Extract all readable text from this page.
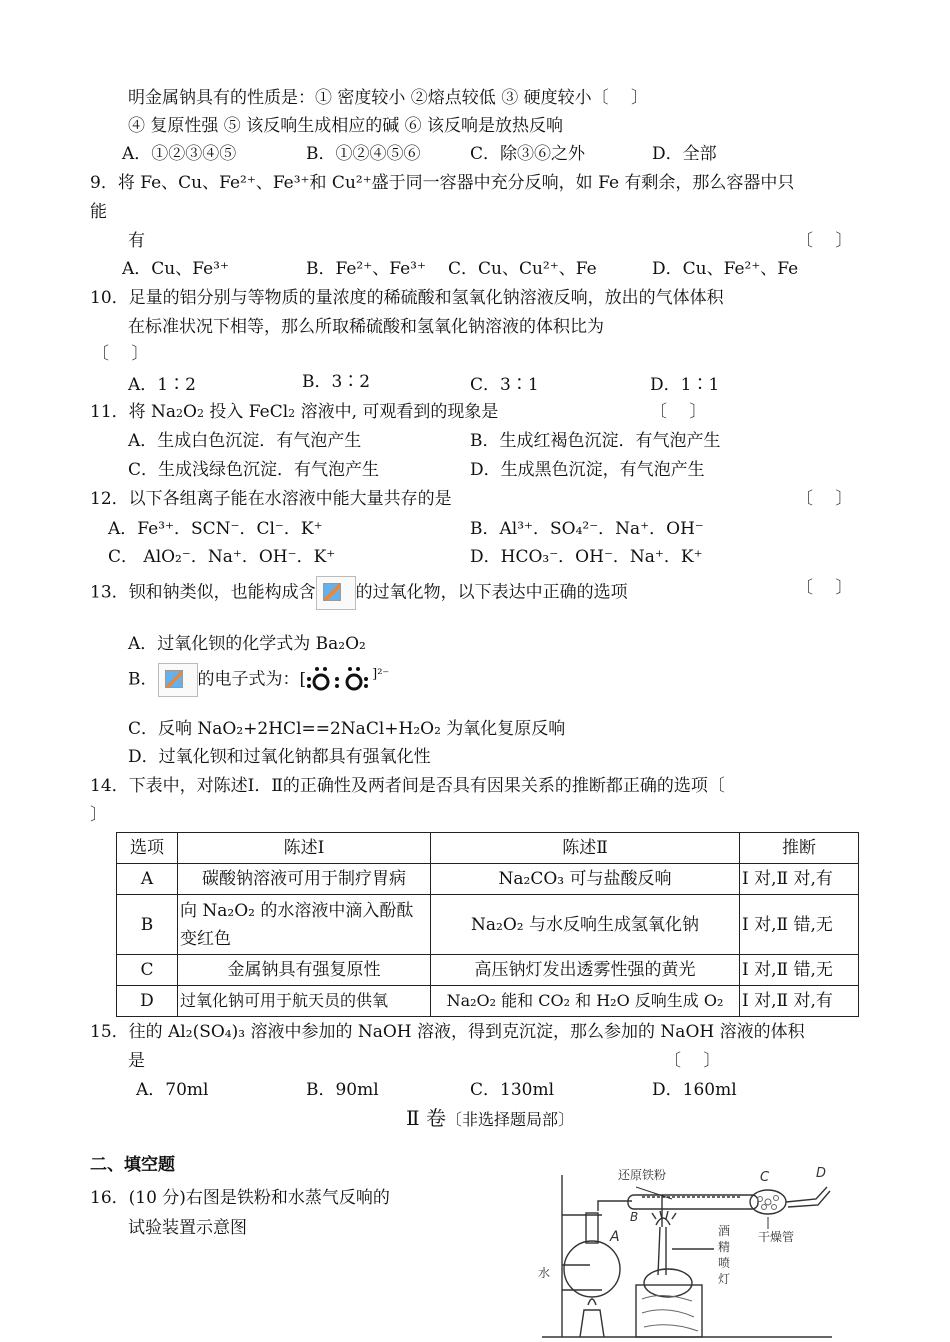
明金属钠具有的性质是：① 密度较小 ②熔点较低 ③ 硬度较小〔　 〕
④ 复原性强 ⑤ 该反响生成相应的碱 ⑥ 该反响是放热反响
A．①②③④⑤	B．①②④⑤⑥	C．除③⑥之外	D．全部
9．将 Fe、Cu、Fe²⁺、Fe³⁺和 Cu²⁺盛于同一容器中充分反响，如 Fe 有剩余，那么容器中只
能
有	〔　 〕
A．Cu、Fe³⁺	B．Fe²⁺、Fe³⁺ C．Cu、Cu²⁺、Fe	D．Cu、Fe²⁺、Fe
10．足量的铝分别与等物质的量浓度的稀硫酸和氢氧化钠溶液反响，放出的气体体积
在标准状况下相等，那么所取稀硫酸和氢氧化钠溶液的体积比为
〔　 〕
A．1∶2	B．3∶2	C．3∶1	D．1∶1
11．将 $Na_2O_2$ 投入 FeCl$_2$ 溶液中, 可观看到的现象是	〔　 〕
A．生成白色沉淀．有气泡产生	B．生成红褐色沉淀．有气泡产生
C．生成浅绿色沉淀．有气泡产生	D．生成黑色沉淀，有气泡产生
12．以下各组离子能在水溶液中能大量共存的是	〔　 〕
A．Fe³⁺．SCN⁻．Cl⁻．K⁺	B．Al³⁺．SO₄²⁻．Na⁺．OH⁻
C． AlO₂⁻．Na⁺．OH⁻．K⁺	D．HCO₃⁻．OH⁻．Na⁺．K⁺
13．钡和钠类似，也能构成含 的过氧化物，以下表达中正确的选项	〔　 〕
A．过氧化钡的化学式为 Ba₂O₂
B． 的电子式为：[	$^{]^{2-}}$
C．反响 NaO₂+2HCl==2NaCl+H₂O₂ 为氧化复原反响
D．过氧化钡和过氧化钠都具有强氧化性
14．下表中，对陈述Ⅰ．Ⅱ的正确性及两者间是否具有因果关系的推断都正确的选项〔
〕
选项	陈述Ⅰ	陈述Ⅱ	推断
A	碳酸钠溶液可用于制疗胃病	Na₂CO₃ 可与盐酸反响	Ⅰ 对,Ⅱ 对,有
B	向 Na₂O₂ 的水溶液中滴入酚酞变红色	Na₂O₂ 与水反响生成氢氧化钠	Ⅰ 对,Ⅱ 错,无
C	金属钠具有强复原性	高压钠灯发出透雾性强的黄光	Ⅰ 对,Ⅱ 错,无
D	过氧化钠可用于航天员的供氧	Na₂O₂ 能和 CO₂ 和 H₂O 反响生成 O₂	Ⅰ 对,Ⅱ 对,有
15．往的 Al₂(SO₄)₃ 溶液中参加的 NaOH 溶液，得到克沉淀，那么参加的 NaOH 溶液的体积
是	〔　 〕
A．70ml	B．90ml	C．130ml	D．160ml
Ⅱ 卷〔非选择题局部〕
二、填空题
16．(10 分)右图是铁粉和水蒸气反响的
试验装置示意图
还原铁粉
水
A
B
C	D
干燥管
酒 精 喷 灯
